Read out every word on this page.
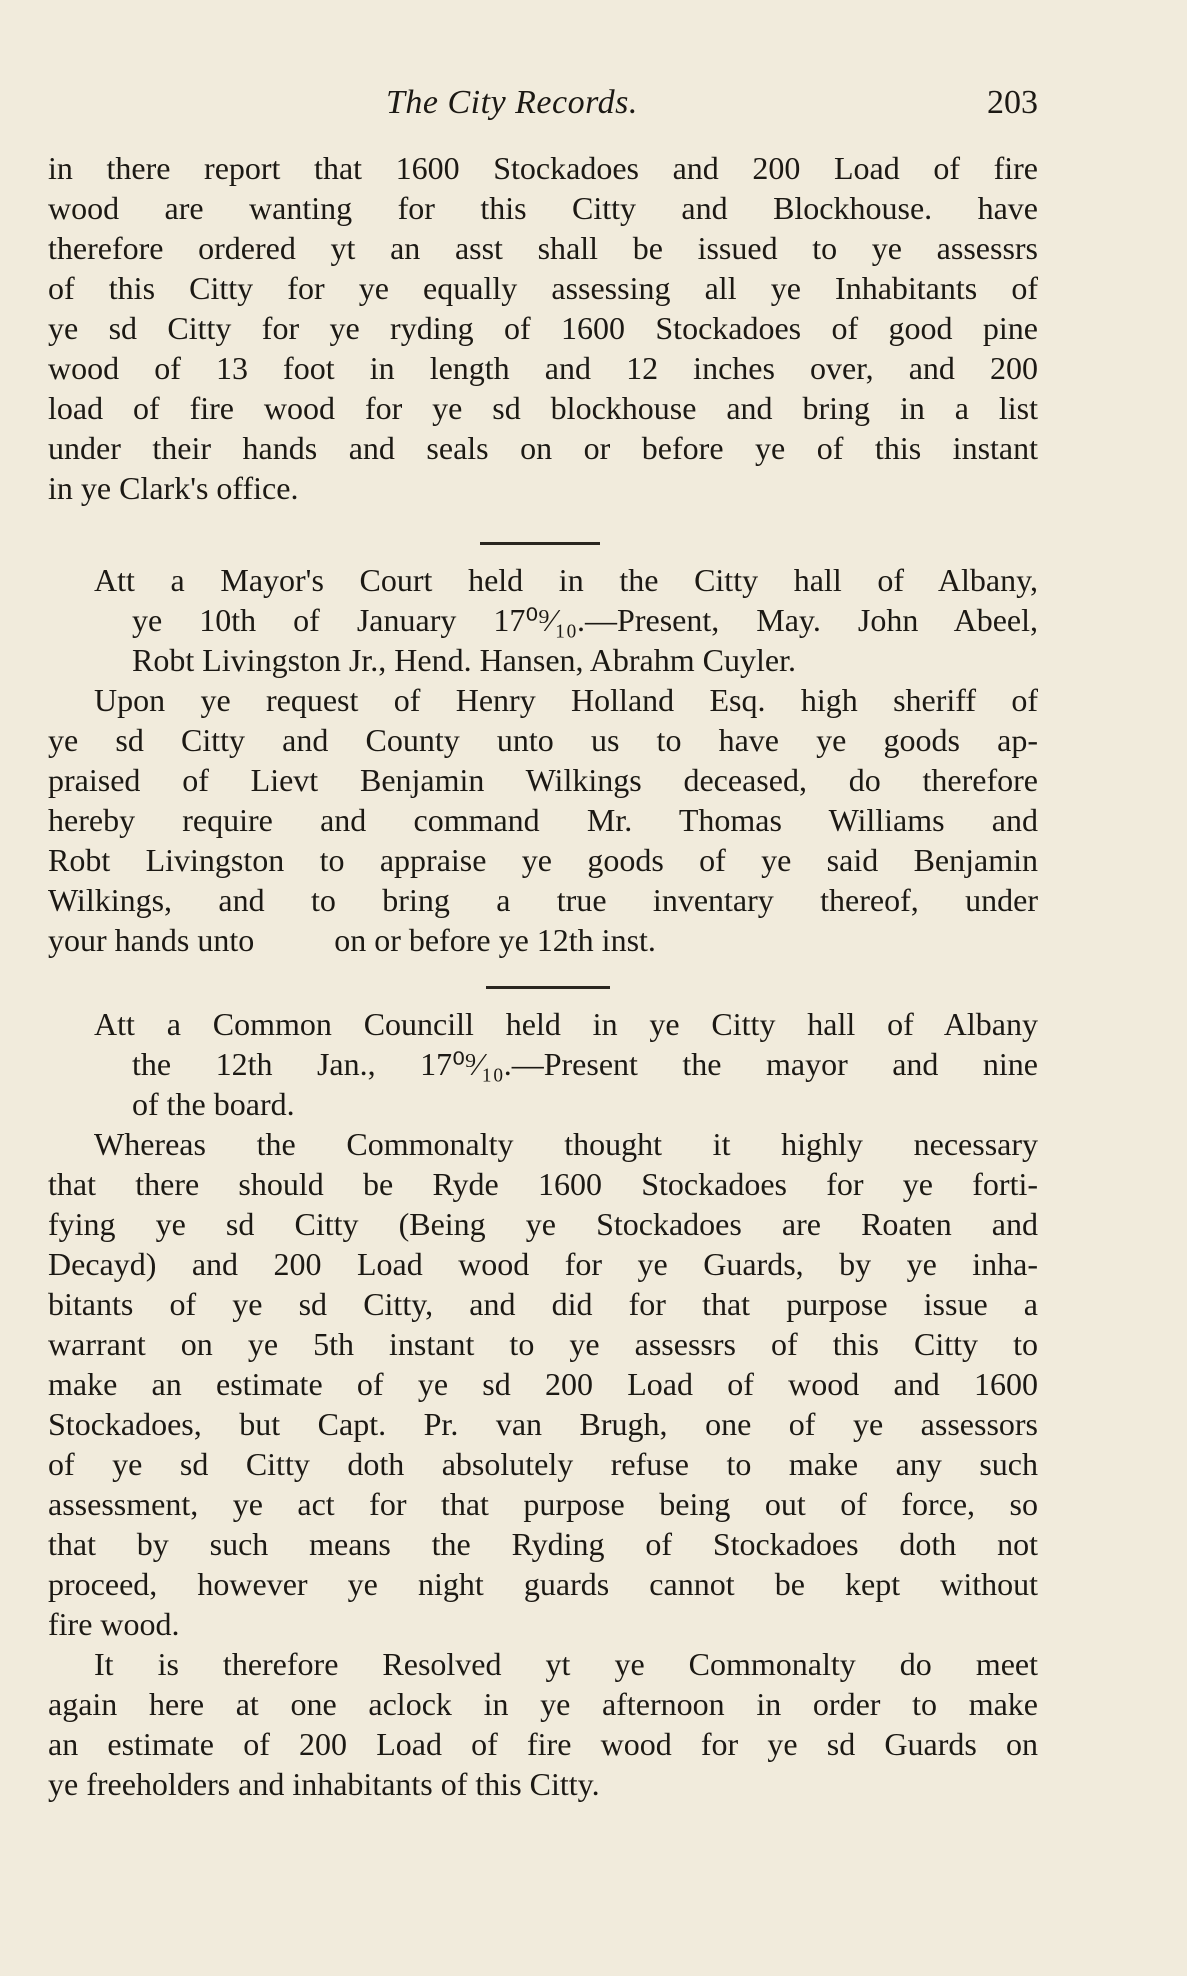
The City Records.	203
in there report that 1600 Stockadoes and 200 Load of fire
wood are wanting for this Citty and Blockhouse. have
therefore ordered yt an asst shall be issued to ye assessrs
of this Citty for ye equally assessing all ye Inhabitants of
ye sd Citty for ye ryding of 1600 Stockadoes of good pine
wood of 13 foot in length and 12 inches over, and 200
load of fire wood for ye sd blockhouse and bring in a list
under their hands and seals on or before ye of this instant
in ye Clark's office.
Att a Mayor's Court held in the Citty hall of Albany,
ye 10th of January 17⁰⁹⁄₁₀.—Present, May. John Abeel,
Robt Livingston Jr., Hend. Hansen, Abrahm Cuyler.
Upon ye request of Henry Holland Esq. high sheriff of
ye sd Citty and County unto us to have ye goods ap-
praised of Lievt Benjamin Wilkings deceased, do therefore
hereby require and command Mr. Thomas Williams and
Robt Livingston to appraise ye goods of ye said Benjamin
Wilkings, and to bring a true inventary thereof, under
your hands unto          on or before ye 12th inst.
Att a Common Councill held in ye Citty hall of Albany
the 12th Jan., 17⁰⁹⁄₁₀.—Present the mayor and nine
of the board.
Whereas the Commonalty thought it highly necessary
that there should be Ryde 1600 Stockadoes for ye forti-
fying ye sd Citty (Being ye Stockadoes are Roaten and
Decayd) and 200 Load wood for ye Guards, by ye inha-
bitants of ye sd Citty, and did for that purpose issue a
warrant on ye 5th instant to ye assessrs of this Citty to
make an estimate of ye sd 200 Load of wood and 1600
Stockadoes, but Capt. Pr. van Brugh, one of ye assessors
of ye sd Citty doth absolutely refuse to make any such
assessment, ye act for that purpose being out of force, so
that by such means the Ryding of Stockadoes doth not
proceed, however ye night guards cannot be kept without
fire wood.
It is therefore Resolved yt ye Commonalty do meet
again here at one aclock in ye afternoon in order to make
an estimate of 200 Load of fire wood for ye sd Guards on
ye freeholders and inhabitants of this Citty.
